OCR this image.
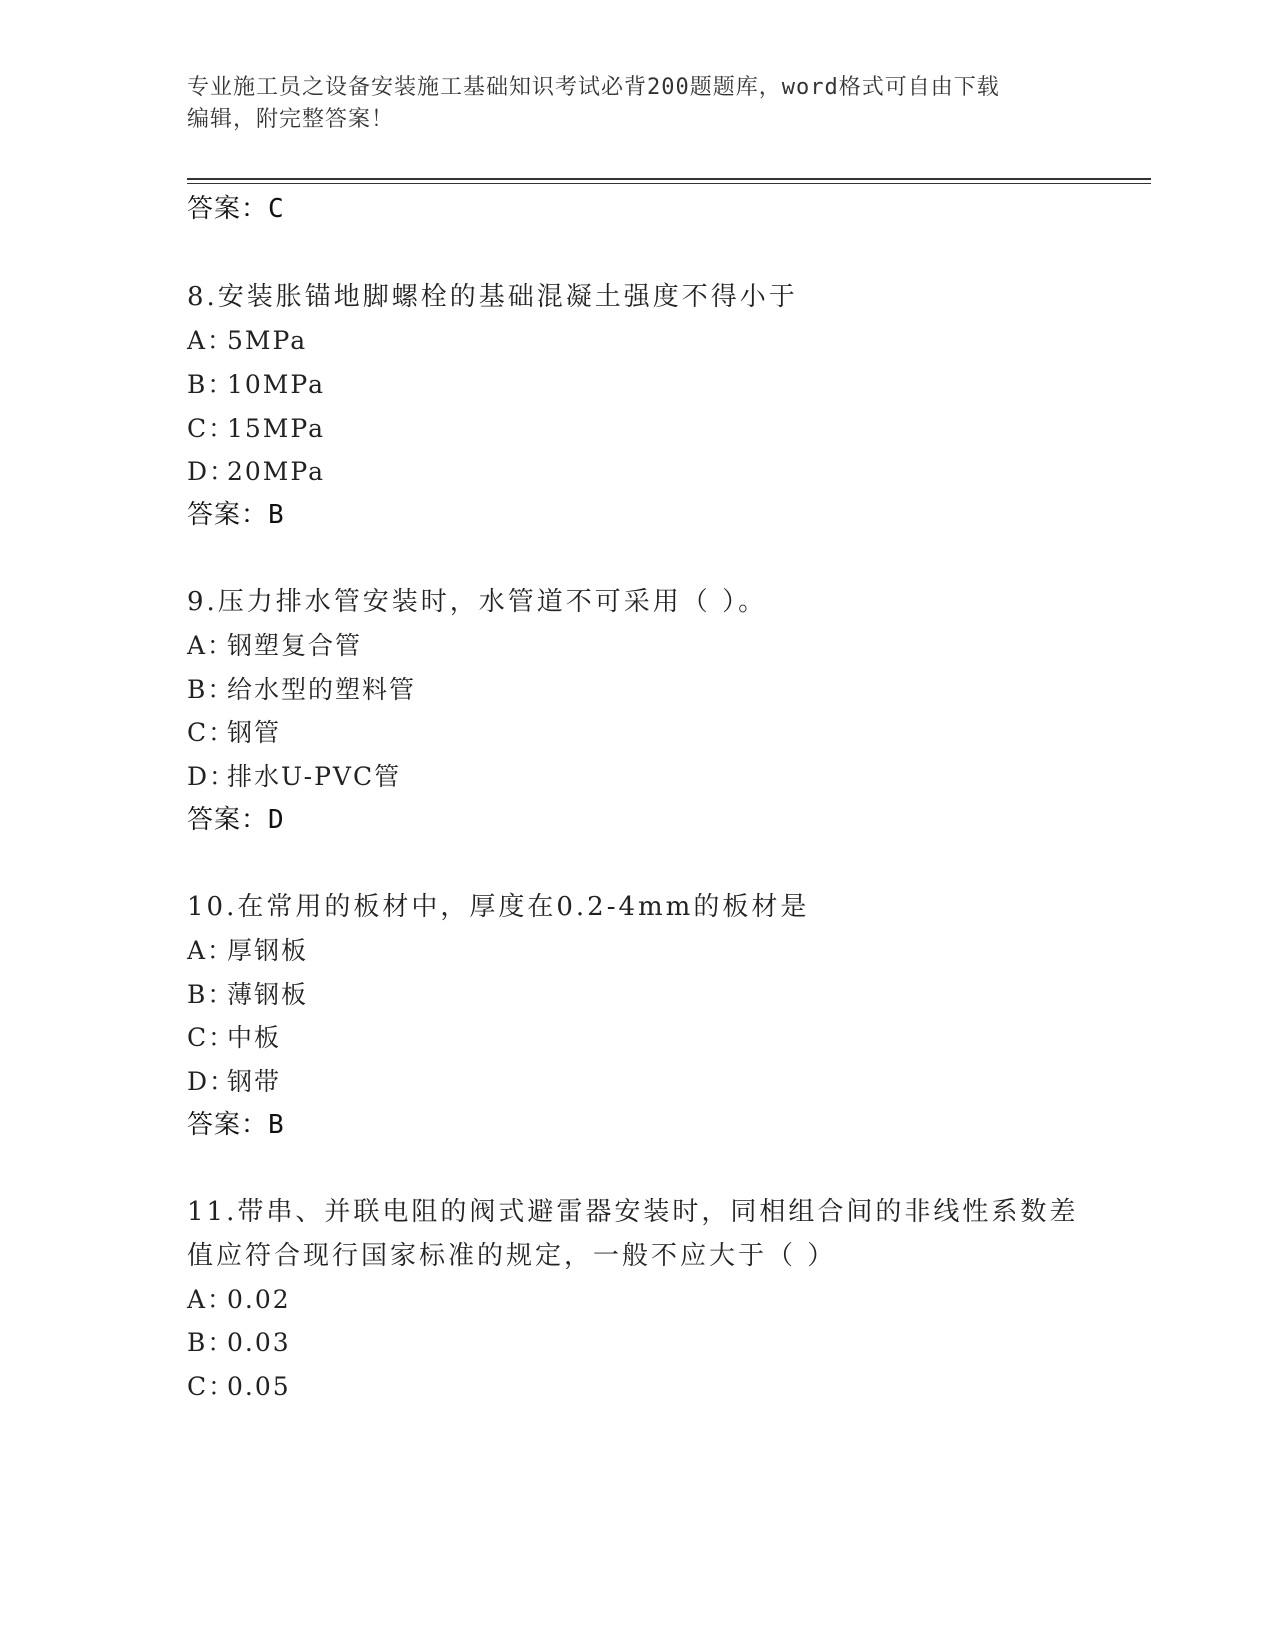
专业施工员之设备安装施工基础知识考试必背200题题库，word格式可自由下载
编辑，附完整答案！
答案：C
8.安装胀锚地脚螺栓的基础混凝土强度不得小于
A：5MPa
B：10MPa
C：15MPa
D：20MPa
答案：B
9.压力排水管安装时，水管道不可采用（ ）。
A：钢塑复合管
B：给水型的塑料管
C：钢管
D：排水U-PVC管
答案：D
10.在常用的板材中，厚度在0.2-4mm的板材是
A：厚钢板
B：薄钢板
C：中板
D：钢带
答案：B
11.带串、并联电阻的阀式避雷器安装时，同相组合间的非线性系数差
值应符合现行国家标准的规定，一般不应大于（ ）
A：0.02
B：0.03
C：0.05
